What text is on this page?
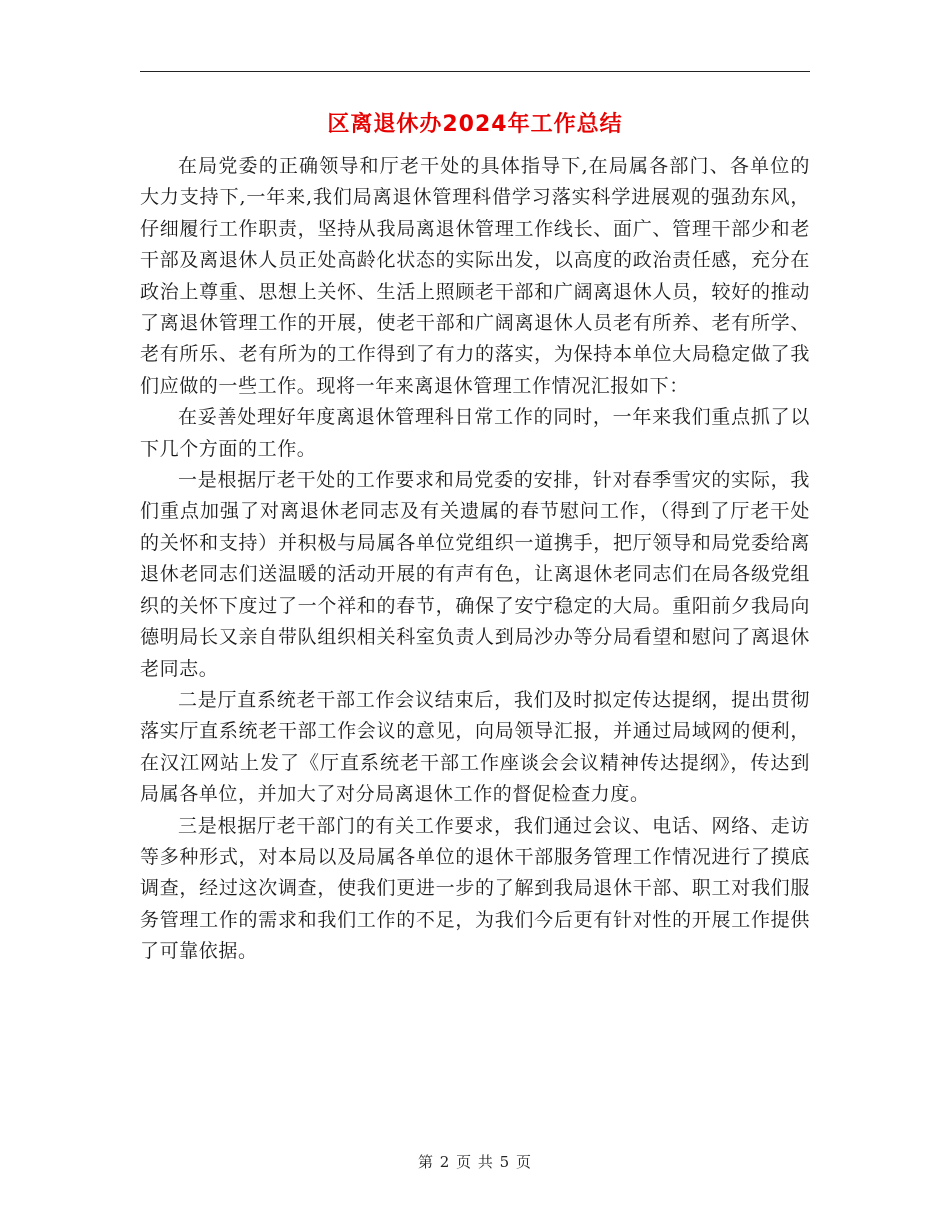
区离退休办2024年工作总结

在局党委的正确领导和厅老干处的具体指导下,在局属各部门、各单位的大力支持下,一年来,我们局离退休管理科借学习落实科学进展观的强劲东风，仔细履行工作职责，坚持从我局离退休管理工作线长、面广、管理干部少和老干部及离退休人员正处高龄化状态的实际出发，以高度的政治责任感，充分在政治上尊重、思想上关怀、生活上照顾老干部和广阔离退休人员，较好的推动了离退休管理工作的开展，使老干部和广阔离退休人员老有所养、老有所学、老有所乐、老有所为的工作得到了有力的落实，为保持本单位大局稳定做了我们应做的一些工作。现将一年来离退休管理工作情况汇报如下：

在妥善处理好年度离退休管理科日常工作的同时，一年来我们重点抓了以下几个方面的工作。

一是根据厅老干处的工作要求和局党委的安排，针对春季雪灾的实际，我们重点加强了对离退休老同志及有关遗属的春节慰问工作，（得到了厅老干处的关怀和支持）并积极与局属各单位党组织一道携手，把厅领导和局党委给离退休老同志们送温暖的活动开展的有声有色，让离退休老同志们在局各级党组织的关怀下度过了一个祥和的春节，确保了安宁稳定的大局。重阳前夕我局向德明局长又亲自带队组织相关科室负责人到局沙办等分局看望和慰问了离退休老同志。

二是厅直系统老干部工作会议结束后，我们及时拟定传达提纲，提出贯彻落实厅直系统老干部工作会议的意见，向局领导汇报，并通过局域网的便利，在汉江网站上发了《厅直系统老干部工作座谈会会议精神传达提纲》，传达到局属各单位，并加大了对分局离退休工作的督促检查力度。

三是根据厅老干部门的有关工作要求，我们通过会议、电话、网络、走访等多种形式，对本局以及局属各单位的退休干部服务管理工作情况进行了摸底调查，经过这次调查，使我们更进一步的了解到我局退休干部、职工对我们服务管理工作的需求和我们工作的不足，为我们今后更有针对性的开展工作提供了可靠依据。

第 2 页 共 5 页
